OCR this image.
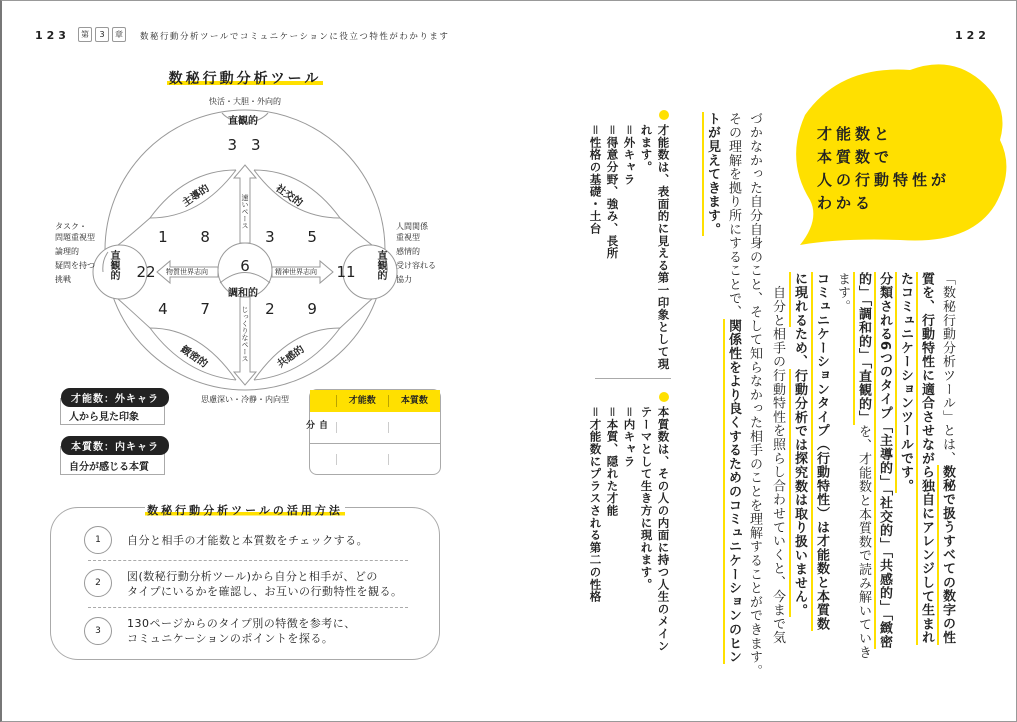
123	第	3	章	数秘行動分析ツールでコミュニケーションに役立つ特性がわかります
数秘行動分析ツール
快活・大胆・外向的
思慮深い・冷静・内向型
直観的
直観的	直観的
調和的
主導的	社交的
緻密的	共感的
33
1 8	3 5
22	6	11
4 7	2 9
速いペース
じっくりなペース
物質世界志向	精神世界志向
タスク・
問題重視型
論理的
疑問を持つ
挑戦
人間関係
重視型
感情的
受け容れる
協力
人から見た印象
才能数：外キャラ
自分が感じる本質
本質数：内キャラ
才能数	本質数
自分
数秘行動分析ツールの活用方法
1	自分と相手の才能数と本質数をチェックする。
2	図(数秘行動分析ツール)から自分と相手が、どの
タイプにいるかを確認し、お互いの行動特性を観る。
3
130ページからのタイプ別の特徴を参考に、
コミュニケーションのポイントを探る。
122
才能数と
本質数で
人の行動特性が
わかる
「数秘行動分析ツール」とは、数秘で扱うすべての数字の性
質を、行動特性に適合させながら独自にアレンジして生まれ
たコミュニケーションツールです。
分類される6つのタイプ「主導的」「社交的」「共感的」「緻密
的」「調和的」「直観的」を、才能数と本質数で読み解いていき
ます。
コミュニケーションタイプ（行動特性）は才能数と本質数
に現れるため、行動分析では探究数は取り扱いません。
　自分と相手の行動特性を照らし合わせていくと、今まで気
づかなかった自分自身のこと、そして知らなかった相手のことを理解することができます。
その理解を拠り所にすることで、関係性をより良くするためのコミュニケーションのヒン
トが見えてきます。
才能数は、表面的に見える第一印象として現
れます。
＝外キャラ
＝得意分野、強み、長所
＝性格の基礎・土台
本質数は、その人の内面に持つ人生のメイン
テーマとして生き方に現れます。
＝内キャラ
＝本質、隠れた才能
＝才能数にプラスされる第二の性格
